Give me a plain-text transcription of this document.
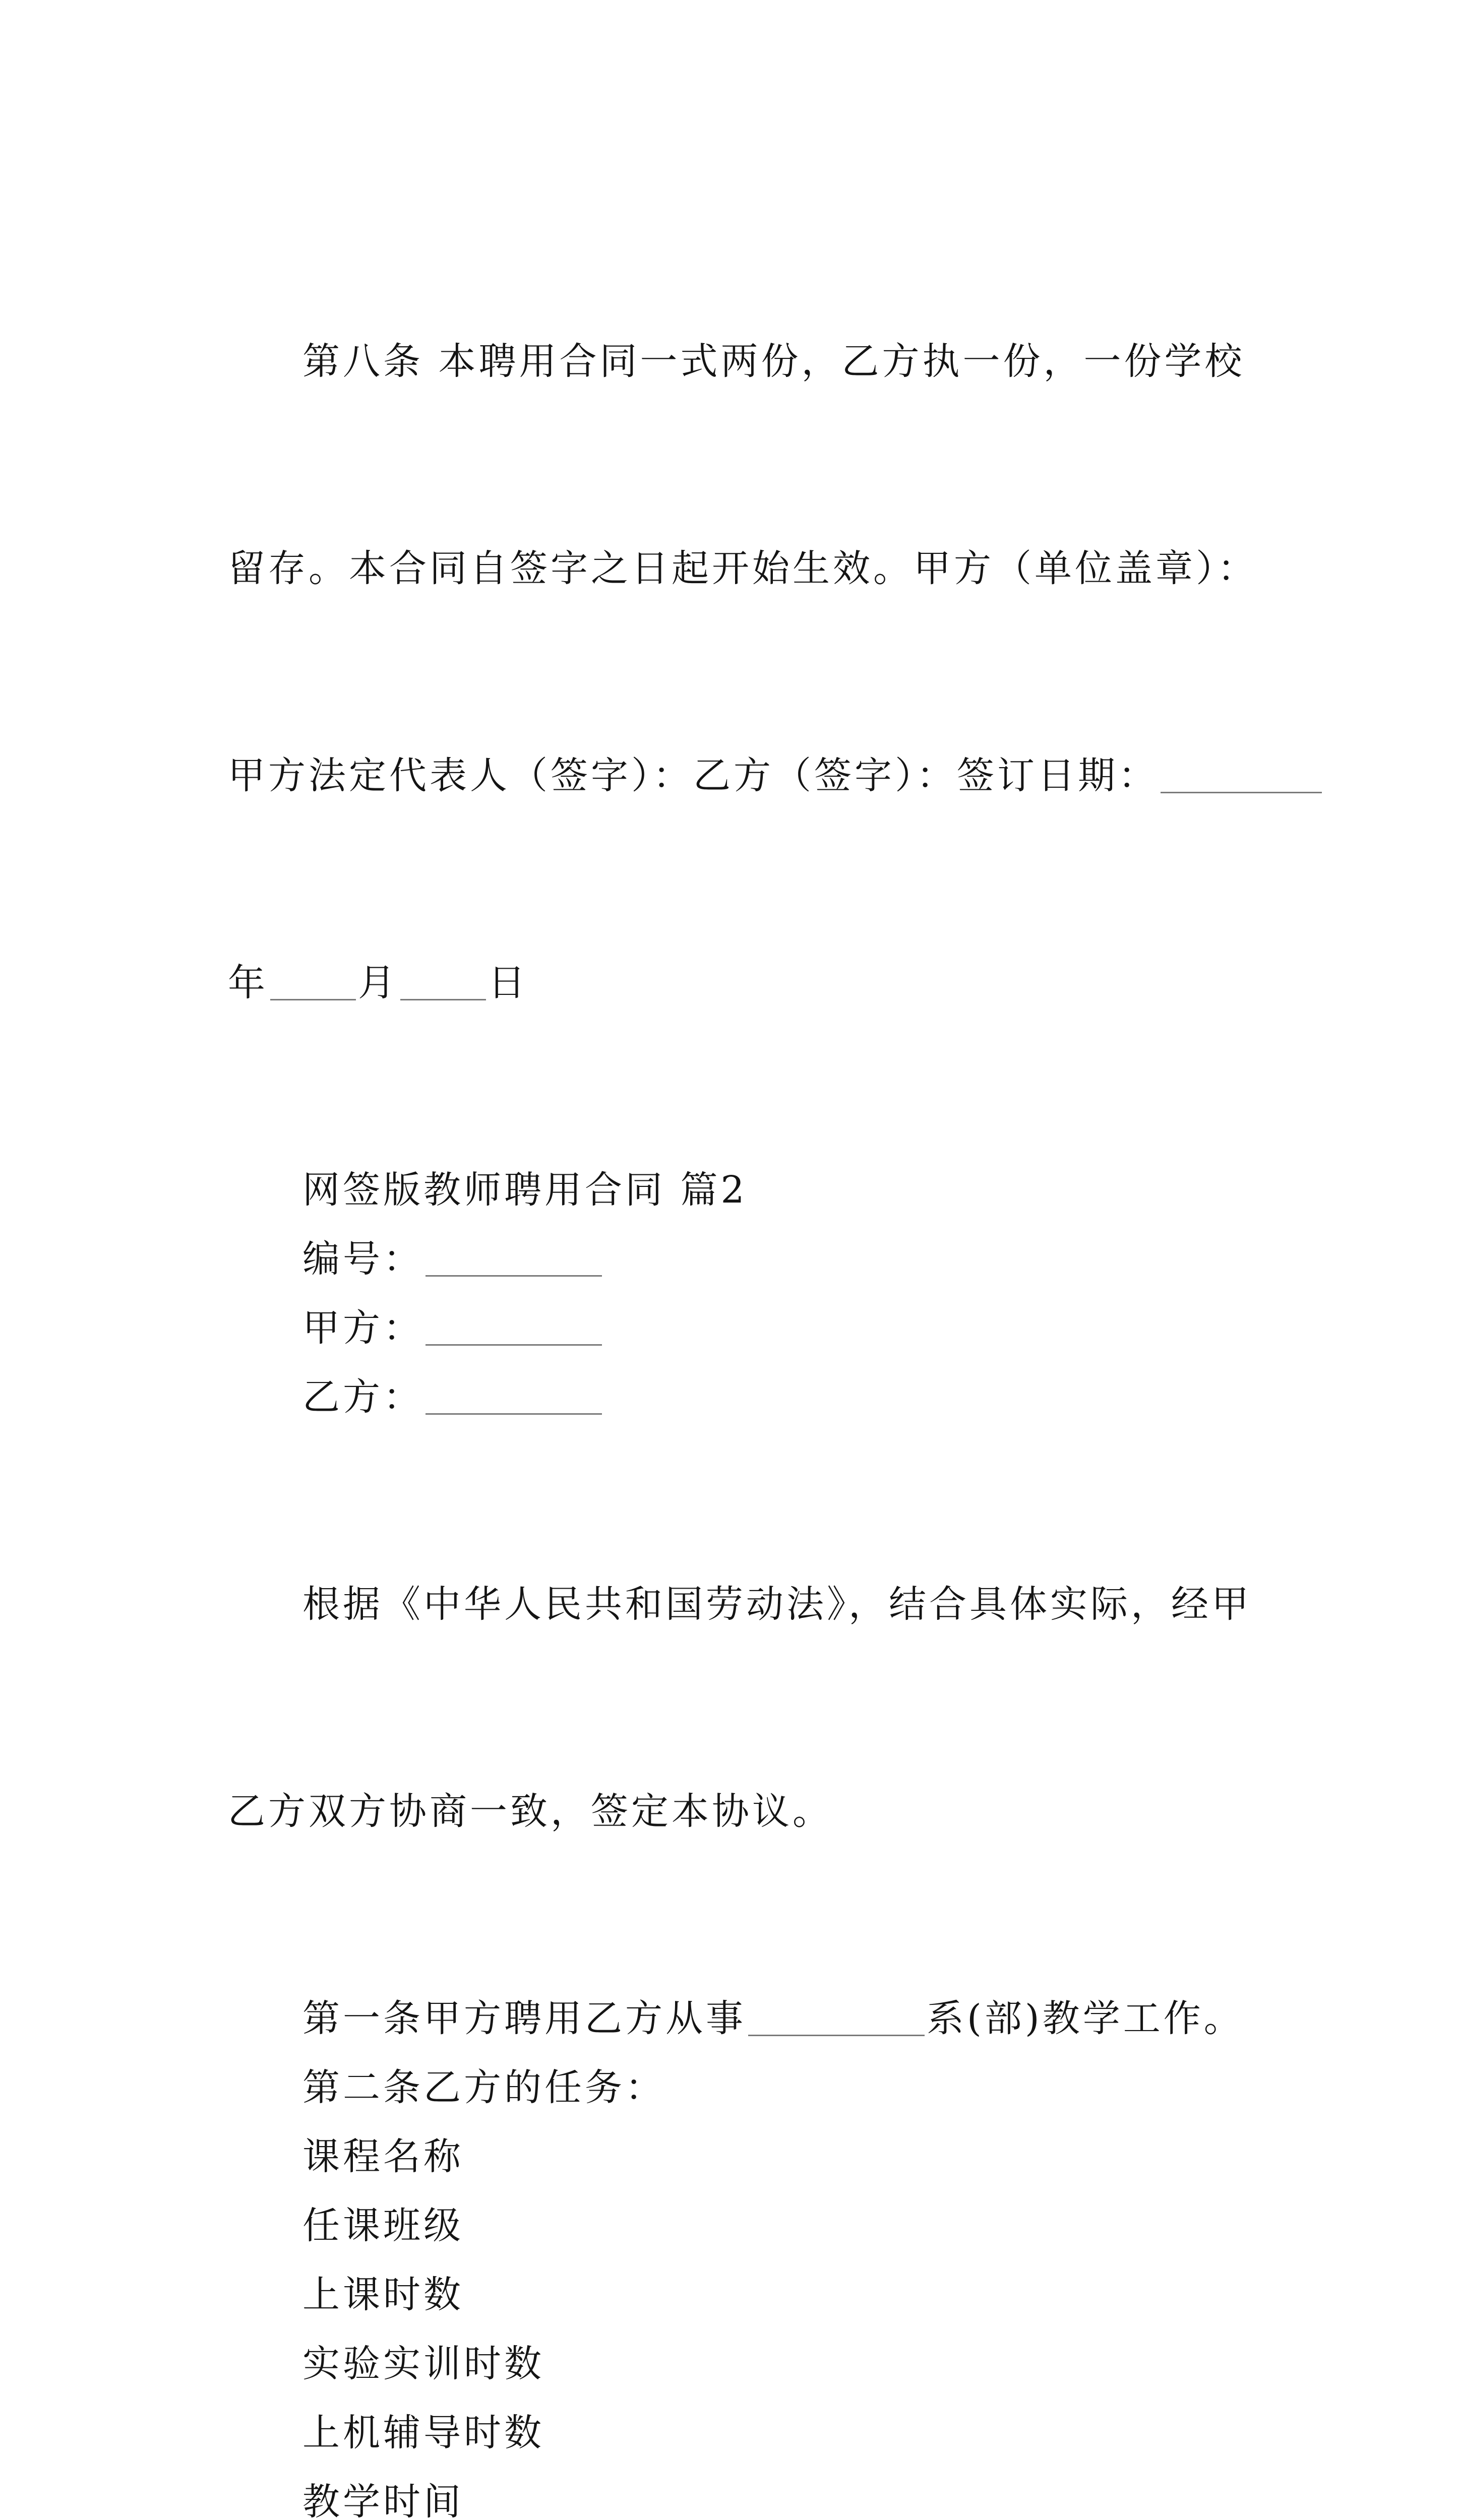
第八条 本聘用合同一式两份，乙方执一份，一份学校

留存。本合同自签字之日起开始生效。甲方（单位盖章）：

甲方法定代表人（签字）：乙方（签字）：签订日期：

年 月 日

网签版教师聘用合同 篇2

编号：

甲方：

乙方：

根据《中华人民共和国劳动法》，结合具体实际，经甲

乙方双方协商一致，签定本协议。

第一条甲方聘用乙方从事	系(部)教学工作。

第二条乙方的任务：

课程名称

任课班级

上课时数

实验实训时数

上机辅导时数

教学时间
